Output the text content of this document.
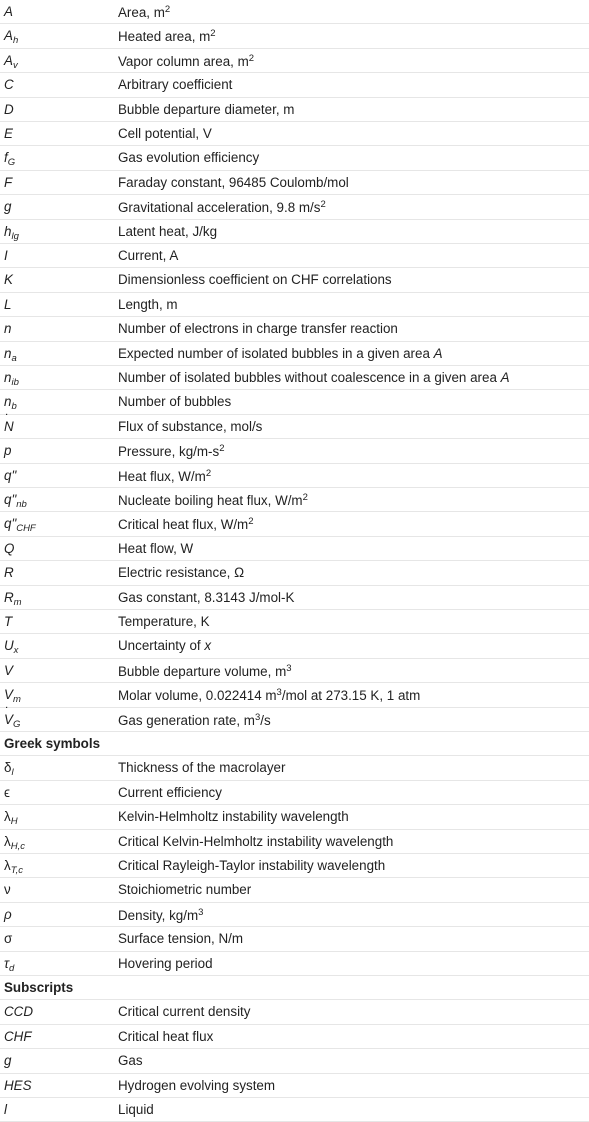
A	Area, $m^2$
$A_h$	Heated area, $m^2$
$A_v$	Vapor column area, $m^2$
C	Arbitrary coefficient
D	Bubble departure diameter, m
E	Cell potential, V
$f_G$	Gas evolution efficiency
F	Faraday constant, 96485 Coulomb/mol
g	Gravitational acceleration, 9.8 $m/s^2$
$h_{lg}$	Latent heat, J/kg
I	Current, A
K	Dimensionless coefficient on CHF correlations
L	Length, m
n	Number of electrons in charge transfer reaction
$n_a$	Expected number of isolated bubbles in a given area A
$n_{ib}$	Number of isolated bubbles without coalescence in a given area A
$n_b$	Number of bubbles
˙ N	Flux of substance, mol/s
p	Pressure, $kg/m-s^2$
q"	Heat flux, $W/m^2$
$q"_{nb}$	Nucleate boiling heat flux, $W/m^2$
$q"_{CHF}$	Critical heat flux, $W/m^2$
Q	Heat flow, W
R	Electric resistance, Ω
$R_m$	Gas constant, 8.3143 J/mol-K
T	Temperature, K
$U_x$	Uncertainty of x
V	Bubble departure volume, $m^3$
$V_m$	Molar volume, 0.022414 $m^3$/mol at 273.15 K, 1 atm
˙ $V_G$	Gas generation rate, $m^3/s$
Greek symbols
$\delta_l$	Thickness of the macrolayer
ϵ	Current efficiency
$\lambda_H$	Kelvin-Helmholtz instability wavelength
$\lambda_{H,c}$	Critical Kelvin-Helmholtz instability wavelength
$\lambda_{T,c}$	Critical Rayleigh-Taylor instability wavelength
ν	Stoichiometric number
ρ	Density, $kg/m^3$
σ	Surface tension, N/m
$\tau_d$	Hovering period
Subscripts
CCD	Critical current density
CHF	Critical heat flux
g	Gas
HES	Hydrogen evolving system
l	Liquid
